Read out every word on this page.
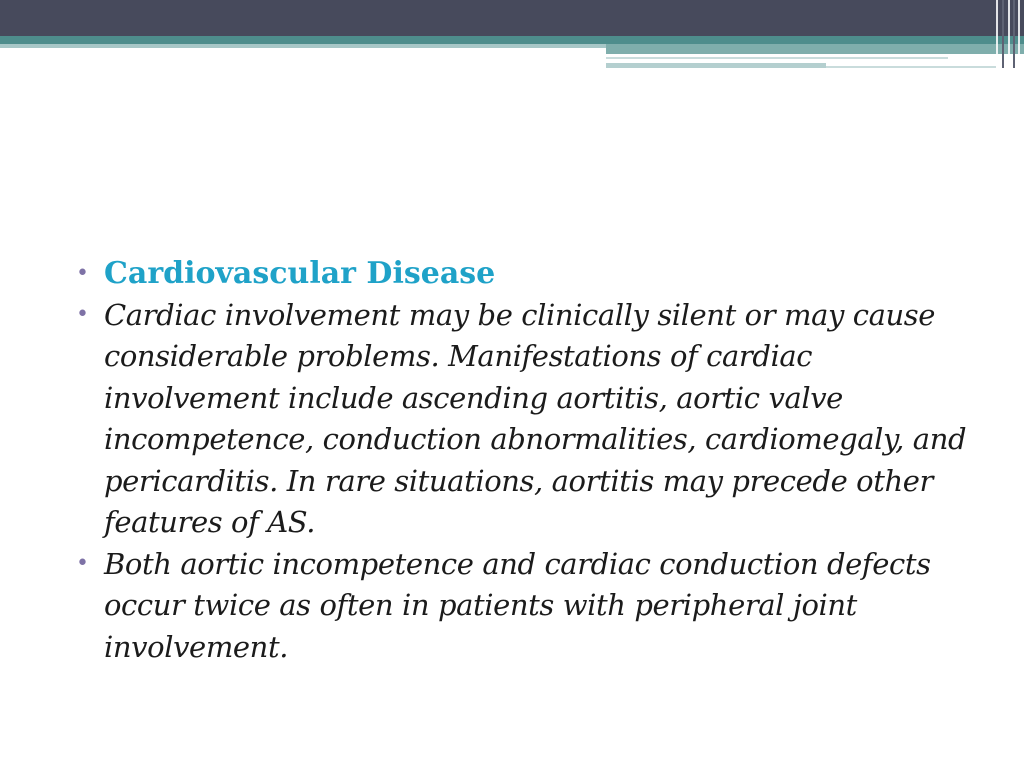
• Cardiovascular Disease
• Cardiac involvement may be clinically silent or may cause considerable problems. Manifestations of cardiac involvement include ascending aortitis, aortic valve incompetence, conduction abnormalities, cardiomegaly, and pericarditis. In rare situations, aortitis may precede other features of AS.
• Both aortic incompetence and cardiac conduction defects occur twice as often in patients with peripheral joint involvement.
